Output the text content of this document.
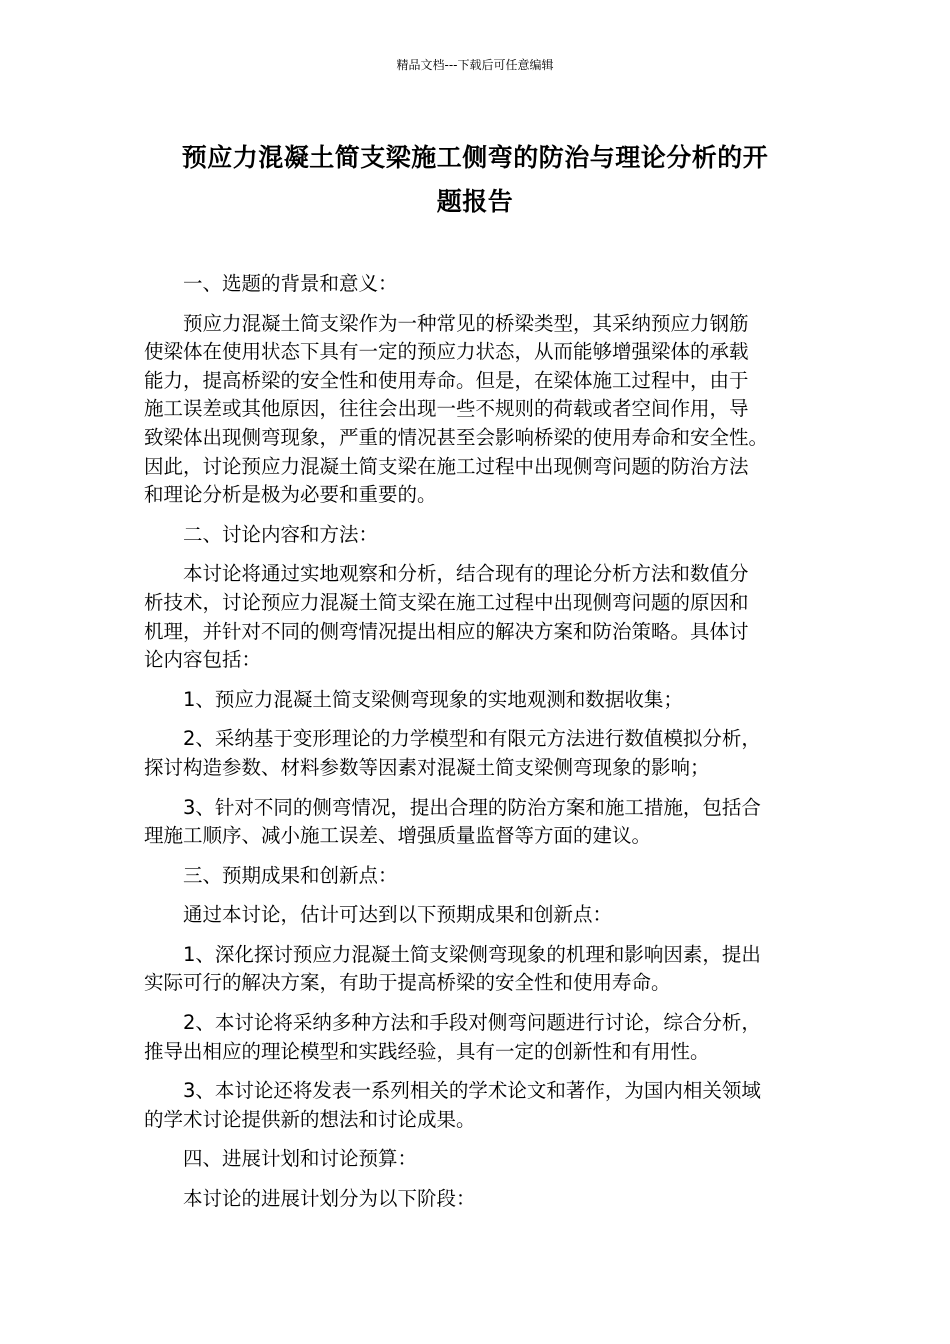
精品文档---下载后可任意编辑
预应力混凝土简支梁施工侧弯的防治与理论分析的开
题报告
一、选题的背景和意义：
预应力混凝土简支梁作为一种常见的桥梁类型，其采纳预应力钢筋
使梁体在使用状态下具有一定的预应力状态，从而能够增强梁体的承载
能力，提高桥梁的安全性和使用寿命。但是，在梁体施工过程中，由于
施工误差或其他原因，往往会出现一些不规则的荷载或者空间作用，导
致梁体出现侧弯现象，严重的情况甚至会影响桥梁的使用寿命和安全性。
因此，讨论预应力混凝土简支梁在施工过程中出现侧弯问题的防治方法
和理论分析是极为必要和重要的。
二、讨论内容和方法：
本讨论将通过实地观察和分析，结合现有的理论分析方法和数值分
析技术，讨论预应力混凝土简支梁在施工过程中出现侧弯问题的原因和
机理，并针对不同的侧弯情况提出相应的解决方案和防治策略。具体讨
论内容包括：
1、预应力混凝土简支梁侧弯现象的实地观测和数据收集；
2、采纳基于变形理论的力学模型和有限元方法进行数值模拟分析，
探讨构造参数、材料参数等因素对混凝土简支梁侧弯现象的影响；
3、针对不同的侧弯情况，提出合理的防治方案和施工措施，包括合
理施工顺序、减小施工误差、增强质量监督等方面的建议。
三、预期成果和创新点：
通过本讨论，估计可达到以下预期成果和创新点：
1、深化探讨预应力混凝土简支梁侧弯现象的机理和影响因素，提出
实际可行的解决方案，有助于提高桥梁的安全性和使用寿命。
2、本讨论将采纳多种方法和手段对侧弯问题进行讨论，综合分析，
推导出相应的理论模型和实践经验，具有一定的创新性和有用性。
3、本讨论还将发表一系列相关的学术论文和著作，为国内相关领域
的学术讨论提供新的想法和讨论成果。
四、进展计划和讨论预算：
本讨论的进展计划分为以下阶段：
